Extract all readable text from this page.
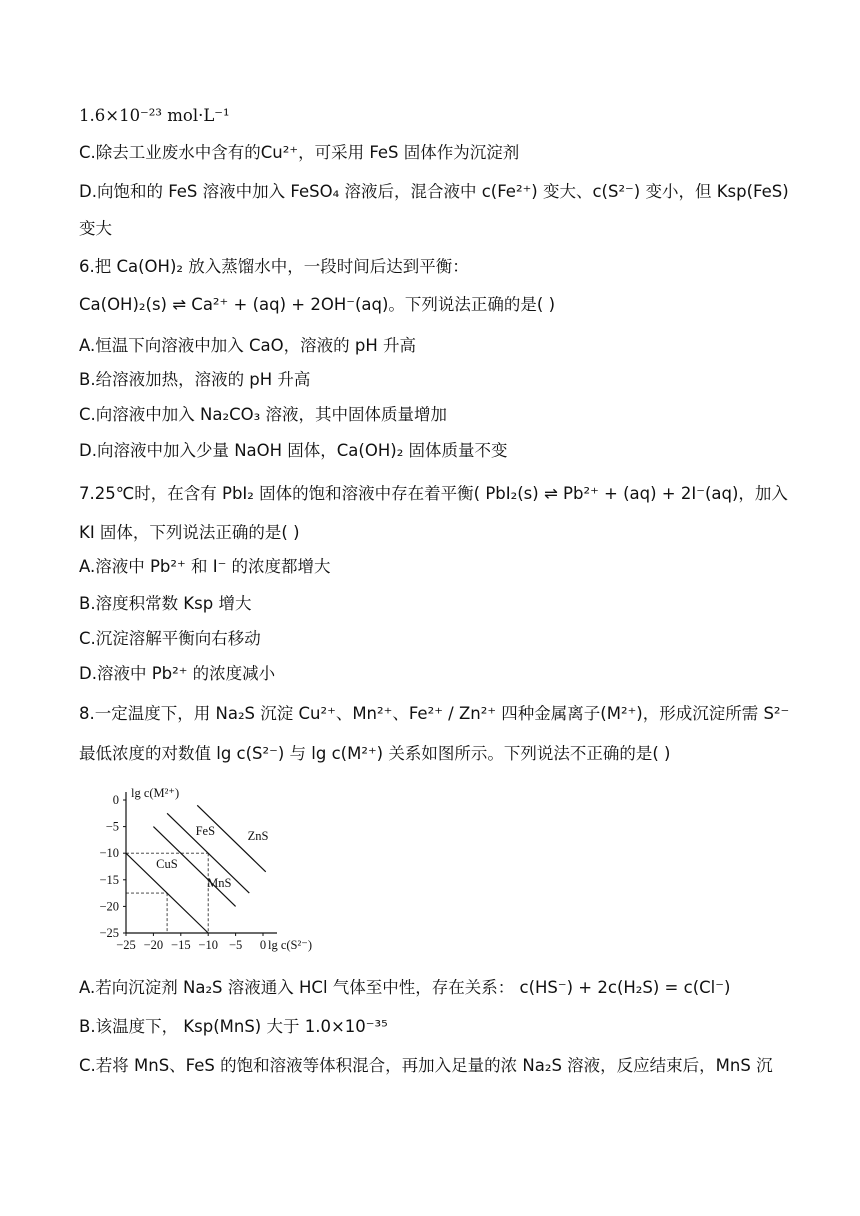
1.6×10⁻²³ mol·L⁻¹
C.除去工业废水中含有的Cu²⁺，可采用 FeS 固体作为沉淀剂
D.向饱和的 FeS 溶液中加入 FeSO₄ 溶液后，混合液中 c(Fe²⁺) 变大、c(S²⁻) 变小，但 Ksp(FeS)
变大
6.把 Ca(OH)₂ 放入蒸馏水中，一段时间后达到平衡：
Ca(OH)₂(s) ⇌ Ca²⁺ + (aq) + 2OH⁻(aq)。下列说法正确的是( )
A.恒温下向溶液中加入 CaO，溶液的 pH 升高
B.给溶液加热，溶液的 pH 升高
C.向溶液中加入 Na₂CO₃ 溶液，其中固体质量增加
D.向溶液中加入少量 NaOH 固体，Ca(OH)₂ 固体质量不变
7.25℃时，在含有 PbI₂ 固体的饱和溶液中存在着平衡( PbI₂(s) ⇌ Pb²⁺ + (aq) + 2I⁻(aq)，加入
KI 固体，下列说法正确的是( )
A.溶液中 Pb²⁺ 和 I⁻ 的浓度都增大
B.溶度积常数 Ksp 增大
C.沉淀溶解平衡向右移动
D.溶液中 Pb²⁺ 的浓度减小
8.一定温度下，用 Na₂S 沉淀 Cu²⁺、Mn²⁺、Fe²⁺ / Zn²⁺ 四种金属离子(M²⁺)，形成沉淀所需 S²⁻
最低浓度的对数值 lg c(S²⁻) 与 lg c(M²⁺) 关系如图所示。下列说法不正确的是( )
−25 −20 −15 −10 −5 0
0
−5
−10
−15
−20
−25
lg c(M²⁺)
lg c(S²⁻)
CuS
MnS
FeS	ZnS
A.若向沉淀剂 Na₂S 溶液通入 HCl 气体至中性，存在关系： c(HS⁻) + 2c(H₂S) = c(Cl⁻)
B.该温度下， Ksp(MnS) 大于 1.0×10⁻³⁵
C.若将 MnS、FeS 的饱和溶液等体积混合，再加入足量的浓 Na₂S 溶液，反应结束后，MnS 沉
